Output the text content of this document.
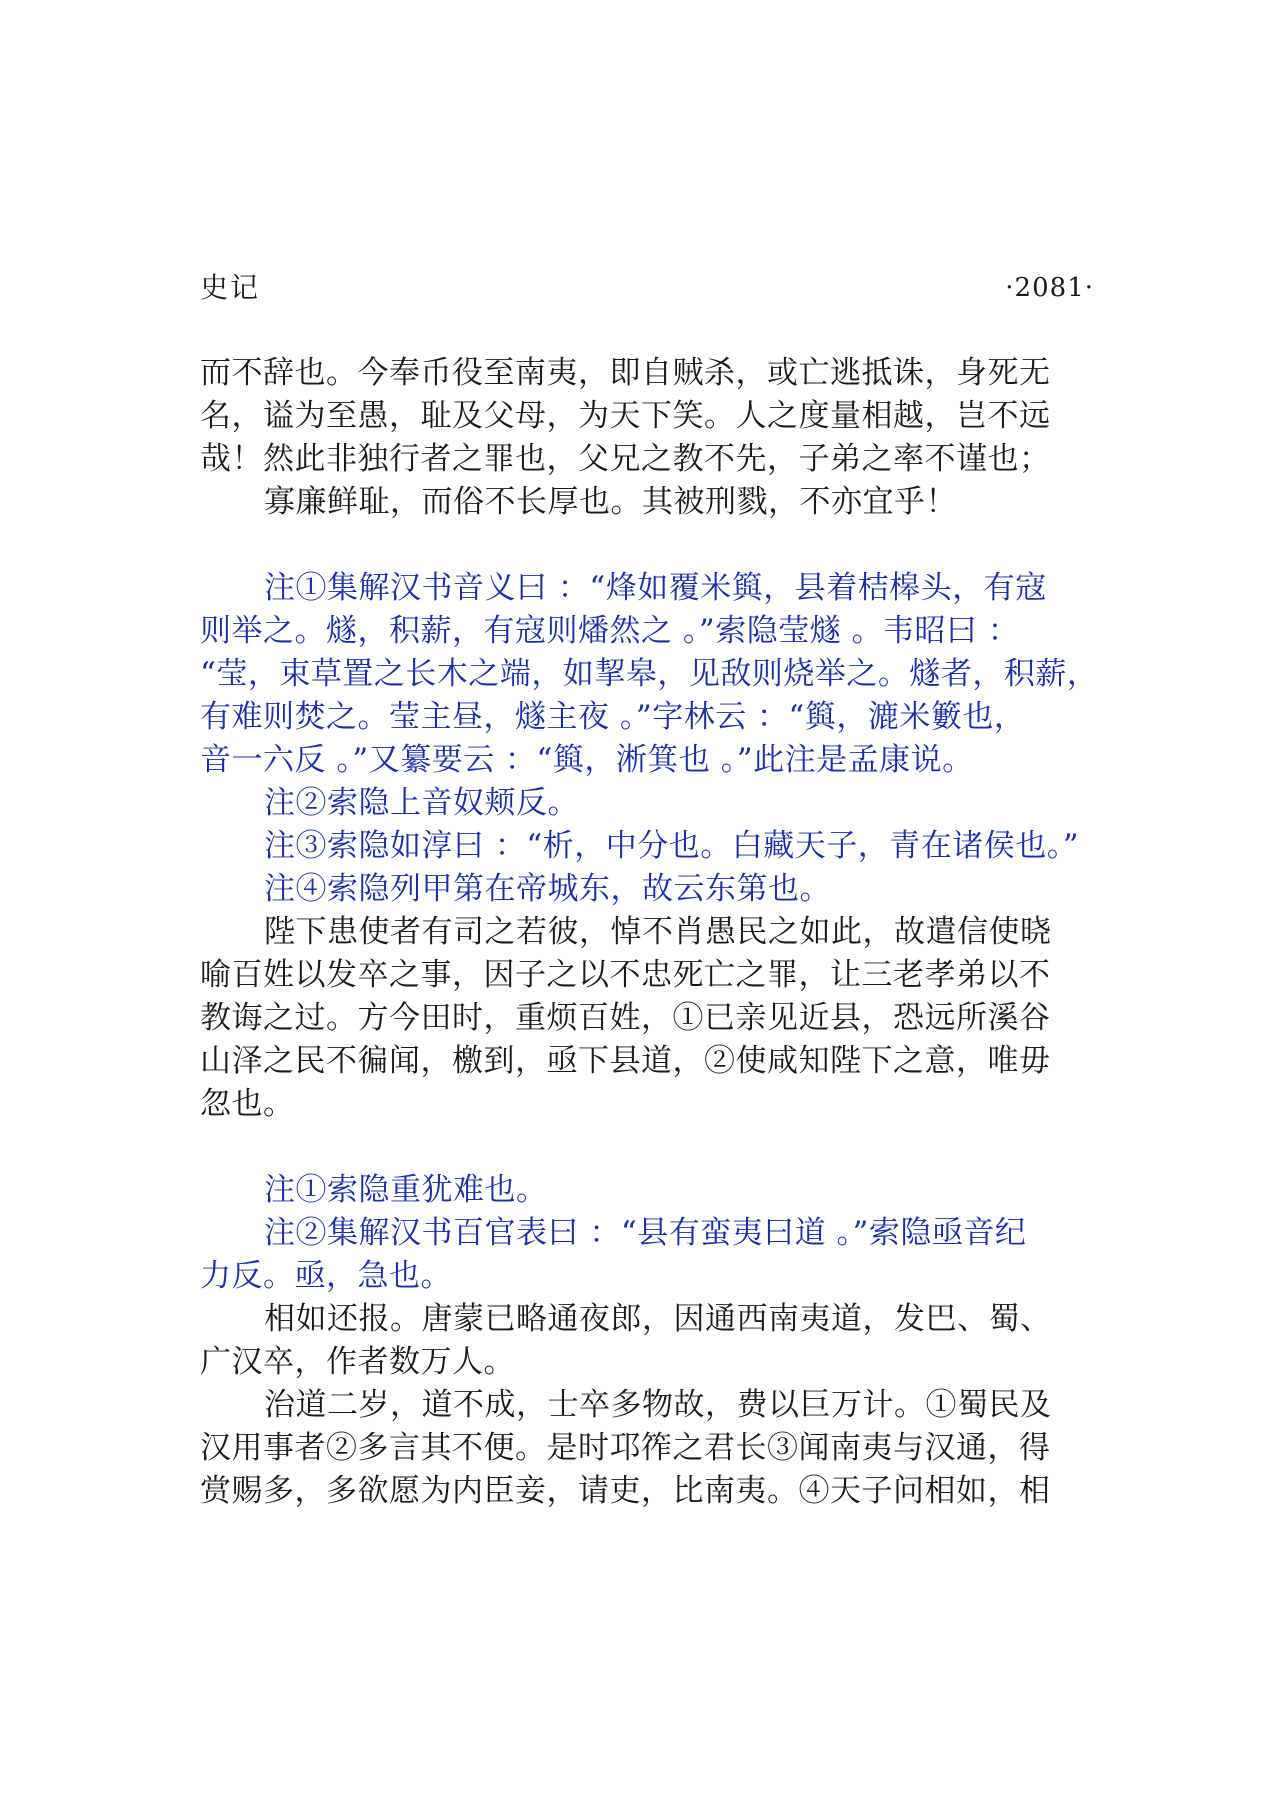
史记	·2081·
而不辞也。今奉币役至南夷，即自贼杀，或亡逃抵诛，身死无
名，谥为至愚，耻及父母，为天下笑。人之度量相越，岂不远
哉！然此非独行者之罪也，父兄之教不先，子弟之率不谨也；
寡廉鲜耻，而俗不长厚也。其被刑戮，不亦宜乎！
注①集解汉书音义曰 ：“烽如覆米籅，县着桔槔头，有寇
则举之。燧，积薪，有寇则燔然之 。”索隐莹燧 。韦昭曰 ：
“莹，束草置之长木之端，如挈皋，见敌则烧举之。燧者，积薪，
有难则焚之。莹主昼，燧主夜 。”字林云 ：“籅，漉米籔也，
音一六反 。”又纂要云 ：“籅，淅箕也 。”此注是孟康说。
注②索隐上音奴颊反。
注③索隐如淳曰 ：“析，中分也。白藏天子，青在诸侯也。”
注④索隐列甲第在帝城东，故云东第也。
陛下患使者有司之若彼，悼不肖愚民之如此，故遣信使晓
喻百姓以发卒之事，因子之以不忠死亡之罪，让三老孝弟以不
教诲之过。方今田时，重烦百姓，①已亲见近县，恐远所溪谷
山泽之民不徧闻，檄到，亟下县道，②使咸知陛下之意，唯毋
忽也。
注①索隐重犹难也。
注②集解汉书百官表曰 ：“县有蛮夷曰道 。”索隐亟音纪
力反。亟，急也。
相如还报。唐蒙已略通夜郎，因通西南夷道，发巴、蜀、
广汉卒，作者数万人。
治道二岁，道不成，士卒多物故，费以巨万计。①蜀民及
汉用事者②多言其不便。是时邛筰之君长③闻南夷与汉通，得
赏赐多，多欲愿为内臣妾，请吏，比南夷。④天子问相如，相
